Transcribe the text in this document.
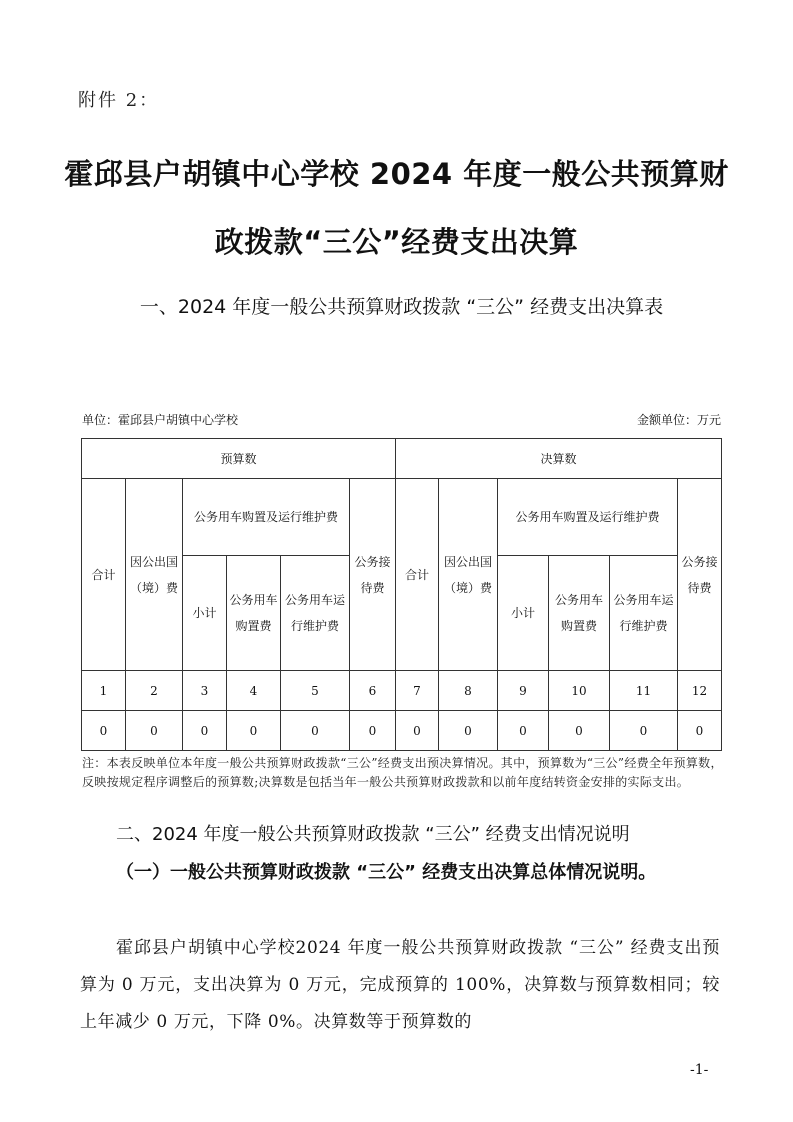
附件 2：
霍邱县户胡镇中心学校 2024 年度一般公共预算财
政拨款“三公”经费支出决算
一、2024 年度一般公共预算财政拨款 “三公” 经费支出决算表
单位：霍邱县户胡镇中心学校	金额单位：万元
预算数						决算数					
合计	因公出国（境）费	公务用车购置及运行维护费			公务接待费	合计	因公出国（境）费	公务用车购置及运行维护费			公务接待费
		小计	公务用车购置费	公务用车运行维护费				小计	公务用车购置费	公务用车运行维护费	
1	2	3	4	5	6	7	8	9	10	11	12
0	0	0	0	0	0	0	0	0	0	0	0
注：本表反映单位本年度一般公共预算财政拨款“三公”经费支出预决算情况。其中，预算数为“三公”经费全年预算数，反映按规定程序调整后的预算数;决算数是包括当年一般公共预算财政拨款和以前年度结转资金安排的实际支出。
二、2024 年度一般公共预算财政拨款 “三公” 经费支出情况说明
（一）一般公共预算财政拨款 “三公” 经费支出决算总体情况说明。
霍邱县户胡镇中心学校2024 年度一般公共预算财政拨款 “三公” 经费支出预算为 0 万元，支出决算为 0 万元，完成预算的 100%，决算数与预算数相同；较上年减少 0 万元，下降 0%。决算数等于预算数的
-1-
